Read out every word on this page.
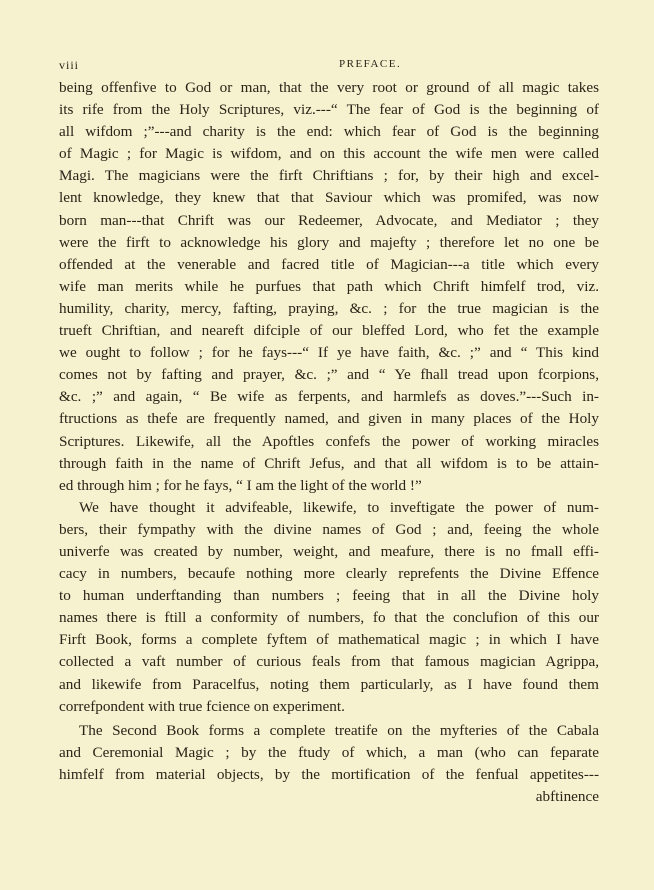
viii	PREFACE.
being offenfive to God or man, that the very root or ground of all magic takes
its rife from the Holy Scriptures, viz.---“ The fear of God is the beginning of
all wifdom ;”---and charity is the end: which fear of God is the beginning
of Magic ; for Magic is wifdom, and on this account the wife men were called
Magi. The magicians were the firft Chriftians ; for, by their high and excel-
lent knowledge, they knew that that Saviour which was promifed, was now
born man---that Chrift was our Redeemer, Advocate, and Mediator ; they
were the firft to acknowledge his glory and majefty ; therefore let no one be
offended at the venerable and facred title of Magician---a title which every
wife man merits while he purfues that path which Chrift himfelf trod, viz.
humility, charity, mercy, fafting, praying, &c. ; for the true magician is the
trueft Chriftian, and neareft difciple of our bleffed Lord, who fet the example
we ought to follow ; for he fays---“ If ye have faith, &c. ;” and “ This kind
comes not by fafting and prayer, &c. ;” and “ Ye fhall tread upon fcorpions,
&c. ;” and again, “ Be wife as ferpents, and harmlefs as doves.”---Such in-
ftructions as thefe are frequently named, and given in many places of the Holy
Scriptures. Likewife, all the Apoftles confefs the power of working miracles
through faith in the name of Chrift Jefus, and that all wifdom is to be attain-
ed through him ; for he fays, “ I am the light of the world !”
We have thought it advifeable, likewife, to inveftigate the power of num-
bers, their fympathy with the divine names of God ; and, feeing the whole
univerfe was created by number, weight, and meafure, there is no fmall effi-
cacy in numbers, becaufe nothing more clearly reprefents the Divine Effence
to human underftanding than numbers ; feeing that in all the Divine holy
names there is ftill a conformity of numbers, fo that the conclufion of this our
Firft Book, forms a complete fyftem of mathematical magic ; in which I have
collected a vaft number of curious feals from that famous magician Agrippa,
and likewife from Paracelfus, noting them particularly, as I have found them
correfpondent with true fcience on experiment.
The Second Book forms a complete treatife on the myfteries of the Cabala
and Ceremonial Magic ; by the ftudy of which, a man (who can feparate
himfelf from material objects, by the mortification of the fenfual appetites---
abftinence
